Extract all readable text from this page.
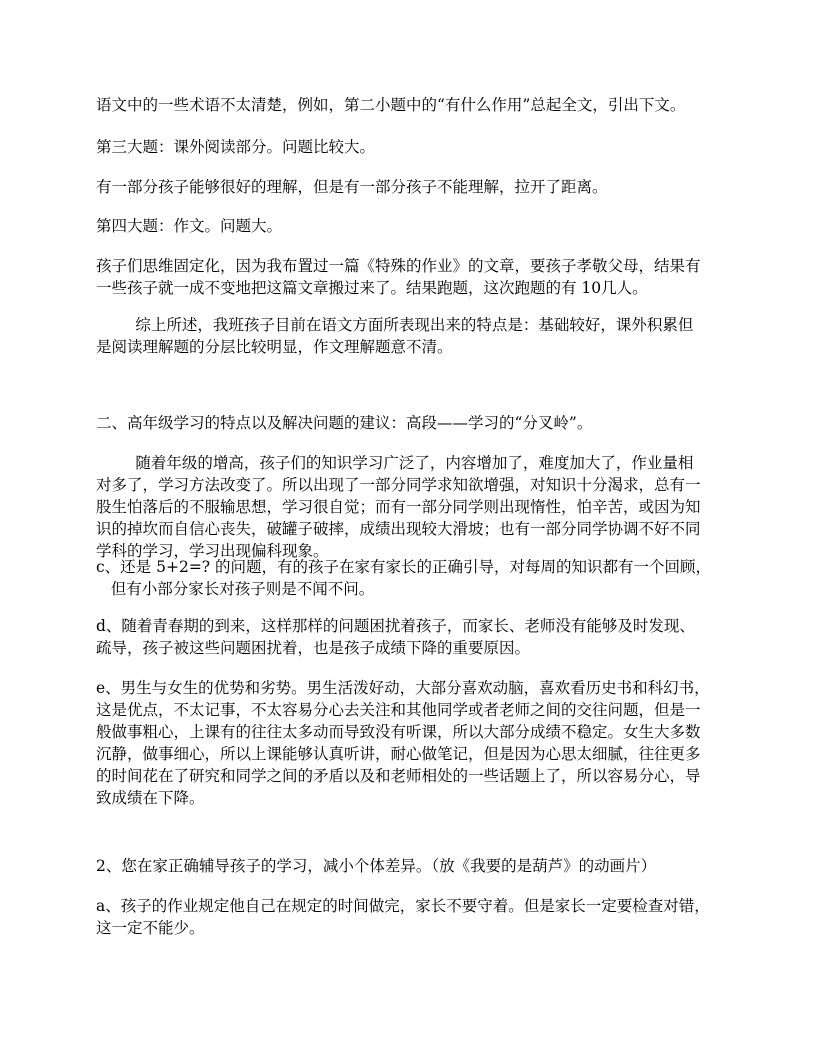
语文中的一些术语不太清楚，例如，第二小题中的“有什么作用”总起全文，引出下文。
第三大题：课外阅读部分。问题比较大。
有一部分孩子能够很好的理解，但是有一部分孩子不能理解，拉开了距离。
第四大题：作文。问题大。
孩子们思维固定化，因为我布置过一篇《特殊的作业》的文章，要孩子孝敬父母，结果有
一些孩子就一成不变地把这篇文章搬过来了。结果跑题，这次跑题的有 10几人。
综上所述，我班孩子目前在语文方面所表现出来的特点是：基础较好，课外积累但
是阅读理解题的分层比较明显，作文理解题意不清。
二、高年级学习的特点以及解决问题的建议：高段——学习的“分叉岭”。
随着年级的增高，孩子们的知识学习广泛了，内容增加了，难度加大了，作业量相
对多了，学习方法改变了。所以出现了一部分同学求知欲增强，对知识十分渴求，总有一
股生怕落后的不服输思想，学习很自觉；而有一部分同学则出现惰性，怕辛苦，或因为知
识的掉坎而自信心丧失，破罐子破摔，成绩出现较大滑坡；也有一部分同学协调不好不同
学科的学习，学习出现偏科现象。
c、还是 5+2=? 的问题，有的孩子在家有家长的正确引导，对每周的知识都有一个回顾，
但有小部分家长对孩子则是不闻不问。
d、随着青春期的到来，这样那样的问题困扰着孩子，而家长、老师没有能够及时发现、
疏导，孩子被这些问题困扰着，也是孩子成绩下降的重要原因。
e、男生与女生的优势和劣势。男生活泼好动，大部分喜欢动脑，喜欢看历史书和科幻书，
这是优点，不太记事，不太容易分心去关注和其他同学或者老师之间的交往问题，但是一
般做事粗心，上课有的往往太多动而导致没有听课，所以大部分成绩不稳定。女生大多数
沉静，做事细心，所以上课能够认真听讲，耐心做笔记，但是因为心思太细腻，往往更多
的时间花在了研究和同学之间的矛盾以及和老师相处的一些话题上了，所以容易分心，导
致成绩在下降。
2、您在家正确辅导孩子的学习，减小个体差异。（放《我要的是葫芦》的动画片）
a、孩子的作业规定他自己在规定的时间做完，家长不要守着。但是家长一定要检查对错，
这一定不能少。
